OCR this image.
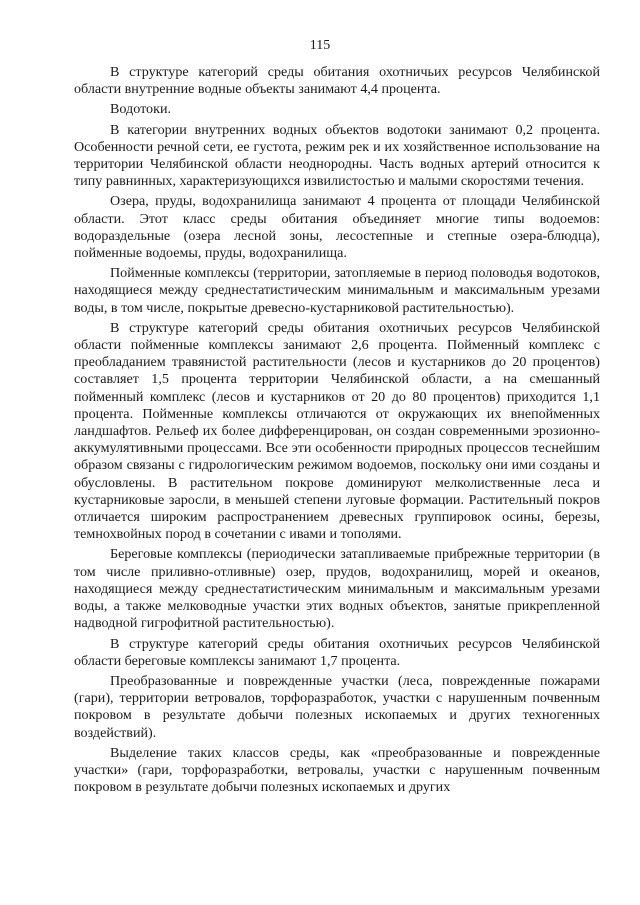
115

В структуре категорий среды обитания охотничьих ресурсов Челябинской области внутренние водные объекты занимают 4,4 процента.

Водотоки.

В категории внутренних водных объектов водотоки занимают 0,2 процента. Особенности речной сети, ее густота, режим рек и их хозяйственное использование на территории Челябинской области неоднородны. Часть водных артерий относится к типу равнинных, характеризующихся извилистостью и малыми скоростями течения.

Озера, пруды, водохранилища занимают 4 процента от площади Челябинской области. Этот класс среды обитания объединяет многие типы водоемов: водораздельные (озера лесной зоны, лесостепные и степные озера-блюдца), пойменные водоемы, пруды, водохранилища.

Пойменные комплексы (территории, затопляемые в период половодья водотоков, находящиеся между среднестатистическим минимальным и максимальным урезами воды, в том числе, покрытые древесно-кустарниковой растительностью).

В структуре категорий среды обитания охотничьих ресурсов Челябинской области пойменные комплексы занимают 2,6 процента. Пойменный комплекс с преобладанием травянистой растительности (лесов и кустарников до 20 процентов) составляет 1,5 процента территории Челябинской области, а на смешанный пойменный комплекс (лесов и кустарников от 20 до 80 процентов) приходится 1,1 процента. Пойменные комплексы отличаются от окружающих их внепойменных ландшафтов. Рельеф их более дифференцирован, он создан современными эрозионно-аккумулятивными процессами. Все эти особенности природных процессов теснейшим образом связаны с гидрологическим режимом водоемов, поскольку они ими созданы и обусловлены. В растительном покрове доминируют мелколиственные леса и кустарниковые заросли, в меньшей степени луговые формации. Растительный покров отличается широким распространением древесных группировок осины, березы, темнохвойных пород в сочетании с ивами и тополями.

Береговые комплексы (периодически затапливаемые прибрежные территории (в том числе приливно-отливные) озер, прудов, водохранилищ, морей и океанов, находящиеся между среднестатистическим минимальным и максимальным урезами воды, а также мелководные участки этих водных объектов, занятые прикрепленной надводной гигрофитной растительностью).

В структуре категорий среды обитания охотничьих ресурсов Челябинской области береговые комплексы занимают 1,7 процента.

Преобразованные и поврежденные участки (леса, поврежденные пожарами (гари), территории ветровалов, торфоразработок, участки с нарушенным почвенным покровом в результате добычи полезных ископаемых и других техногенных воздействий).

Выделение таких классов среды, как «преобразованные и поврежденные участки» (гари, торфоразработки, ветровалы, участки с нарушенным почвенным покровом в результате добычи полезных ископаемых и других
